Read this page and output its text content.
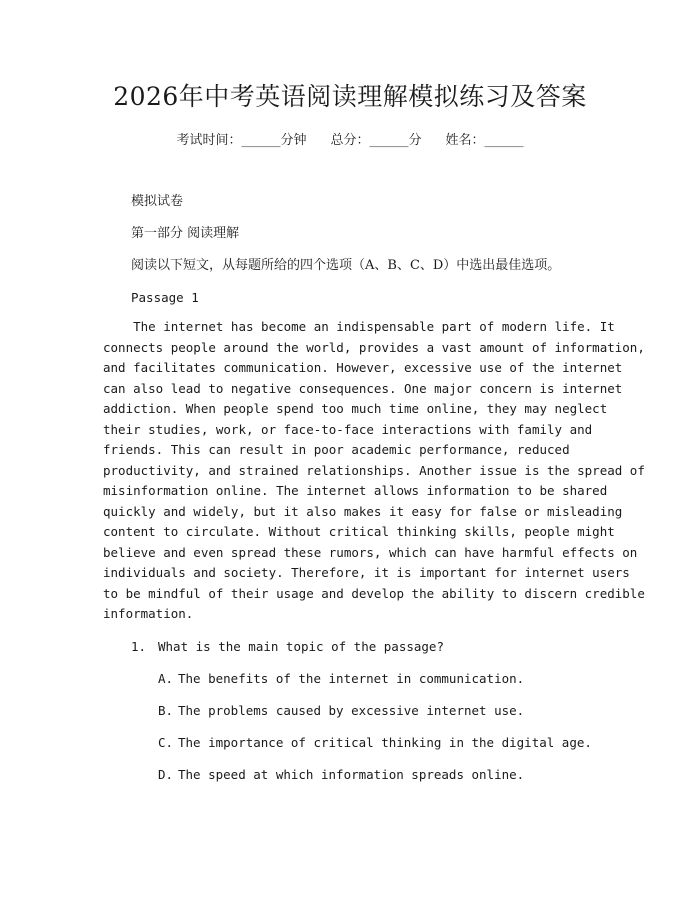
2026年中考英语阅读理解模拟练习及答案
考试时间：______分钟 总分：______分 姓名：______
模拟试卷
第一部分 阅读理解
阅读以下短文，从每题所给的四个选项（A、B、C、D）中选出最佳选项。
Passage 1
The internet has become an indispensable part of modern life. It
connects people around the world, provides a vast amount of information,
and facilitates communication. However, excessive use of the internet
can also lead to negative consequences. One major concern is internet
addiction. When people spend too much time online, they may neglect
their studies, work, or face-to-face interactions with family and
friends. This can result in poor academic performance, reduced
productivity, and strained relationships. Another issue is the spread of
misinformation online. The internet allows information to be shared
quickly and widely, but it also makes it easy for false or misleading
content to circulate. Without critical thinking skills, people might
believe and even spread these rumors, which can have harmful effects on
individuals and society. Therefore, it is important for internet users
to be mindful of their usage and develop the ability to discern credible
information.
1. What is the main topic of the passage?
A. The benefits of the internet in communication.
B. The problems caused by excessive internet use.
C. The importance of critical thinking in the digital age.
D. The speed at which information spreads online.
